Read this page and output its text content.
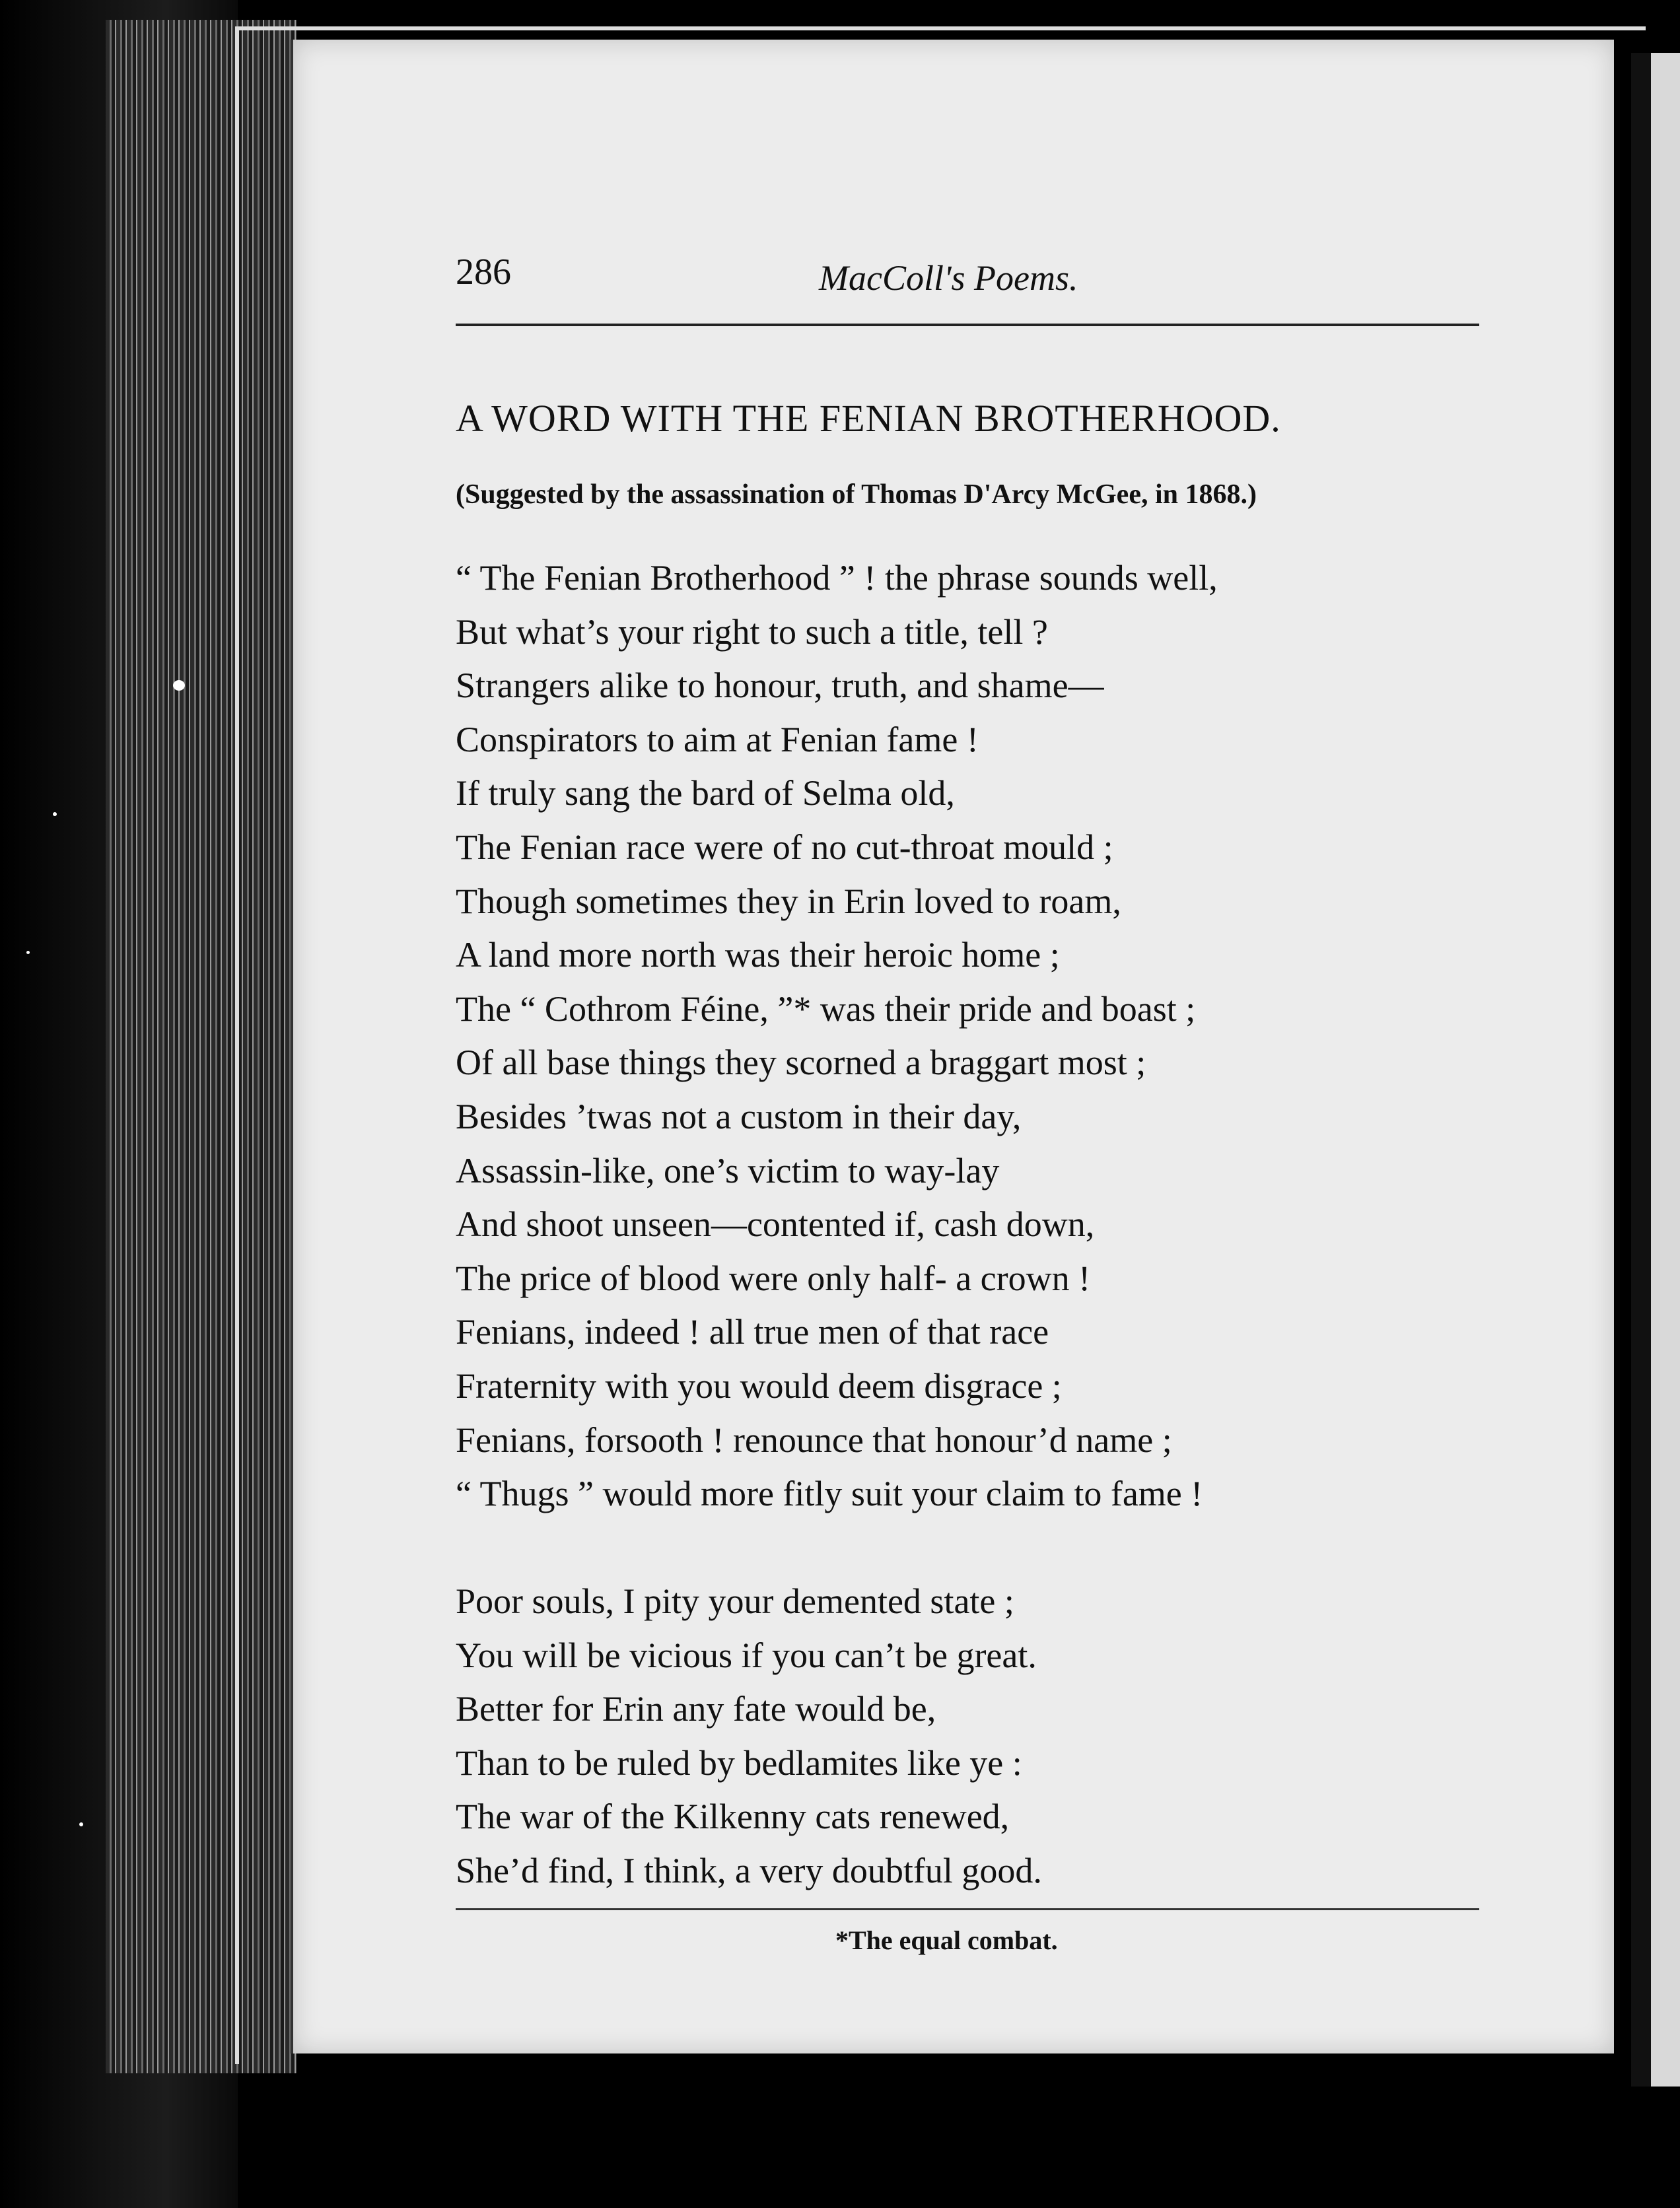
286	MacColl's Poems.
A WORD WITH THE FENIAN BROTHERHOOD.
(Suggested by the assassination of Thomas D'Arcy McGee, in 1868.)
“ The Fenian Brotherhood ” ! the phrase sounds well,
But what’s your right to such a title, tell ?
Strangers alike to honour, truth, and shame—
Conspirators to aim at Fenian fame !
If truly sang the bard of Selma old,
The Fenian race were of no cut-throat mould ;
Though sometimes they in Erin loved to roam,
A land more north was their heroic home ;
The “ Cothrom Féine, ”* was their pride and boast ;
Of all base things they scorned a braggart most ;
Besides ’twas not a custom in their day,
Assassin-like, one’s victim to way-lay
And shoot unseen—contented if, cash down,
The price of blood were only half- a crown !
Fenians, indeed ! all true men of that race
Fraternity with you would deem disgrace ;
Fenians, forsooth ! renounce that honour’d name ;
“ Thugs ” would more fitly suit your claim to fame !
Poor souls, I pity your demented state ;
You will be vicious if you can’t be great.
Better for Erin any fate would be,
Than to be ruled by bedlamites like ye :
The war of the Kilkenny cats renewed,
She’d find, I think, a very doubtful good.
*The equal combat.
